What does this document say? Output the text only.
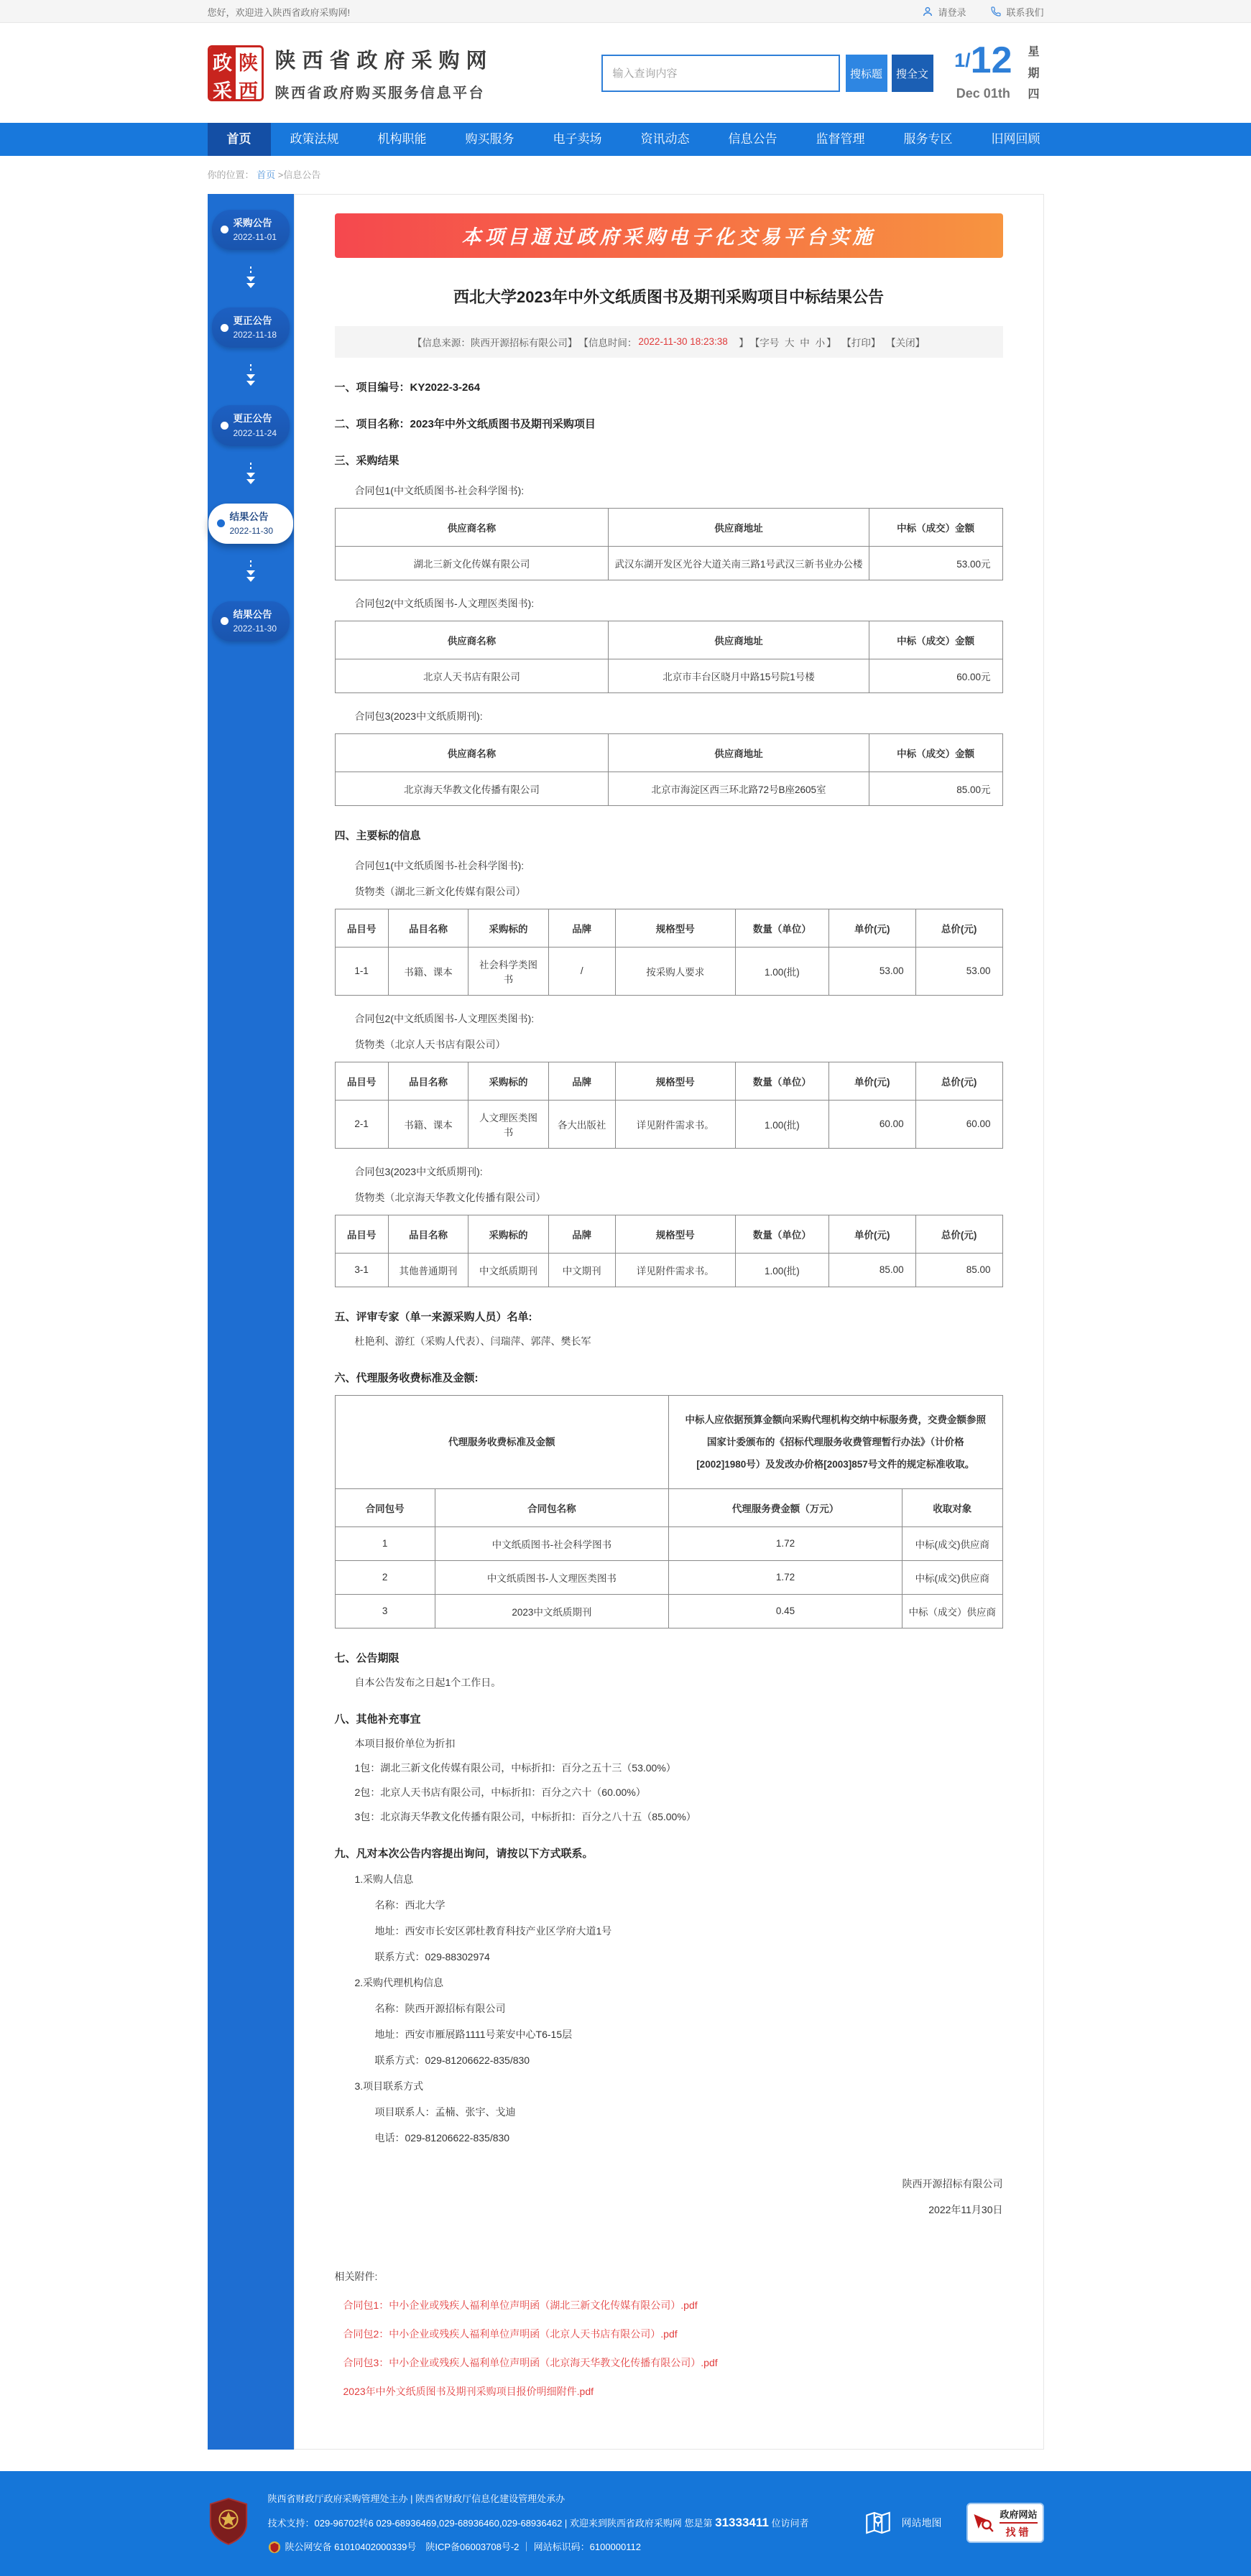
您好，欢迎进入陕西省政府采购网!	请登录	联系我们
政 陕
采 西
陕西省政府采购网
陕西省政府购买服务信息平台
输入查询内容
搜标题	搜全文
1/12
Dec 01th
星期四
首页	政策法规	机构职能	购买服务	电子卖场	资讯动态	信息公告	监督管理	服务专区	旧网回顾
你的位置： 首页 >信息公告
采购公告
2022-11-01
更正公告
2022-11-18
更正公告
2022-11-24
结果公告
2022-11-30
结果公告
2022-11-30
本项目通过政府采购电子化交易平台实施
西北大学2023年中外文纸质图书及期刊采购项目中标结果公告
【信息来源：陕西开源招标有限公司】 【信息时间： 2022-11-30 18:23:38 　】 【字号
大
中
小 】
【打印】
【关闭】
一、项目编号：KY2022-3-264
二、项目名称：2023年中外文纸质图书及期刊采购项目
三、采购结果
合同包1(中文纸质图书-社会科学图书):
供应商名称	供应商地址	中标（成交）金额
湖北三新文化传媒有限公司	武汉东湖开发区光谷大道关南三路1号武汉三新书业办公楼	53.00元
合同包2(中文纸质图书-人文理医类图书):
供应商名称	供应商地址	中标（成交）金额
北京人天书店有限公司	北京市丰台区晓月中路15号院1号楼	60.00元
合同包3(2023中文纸质期刊):
供应商名称	供应商地址	中标（成交）金额
北京海天华教文化传播有限公司	北京市海淀区西三环北路72号B座2605室	85.00元
四、主要标的信息
合同包1(中文纸质图书-社会科学图书):
货物类（湖北三新文化传媒有限公司）
品目号	品目名称	采购标的	品牌	规格型号	数量（单位）	单价(元)	总价(元)
1-1	书籍、课本	社会科学类图书	/	按采购人要求	1.00(批)	53.00	53.00
合同包2(中文纸质图书-人文理医类图书):
货物类（北京人天书店有限公司）
品目号	品目名称	采购标的	品牌	规格型号	数量（单位）	单价(元)	总价(元)
2-1	书籍、课本	人文理医类图书	各大出版社	详见附件需求书。	1.00(批)	60.00	60.00
合同包3(2023中文纸质期刊):
货物类（北京海天华教文化传播有限公司）
品目号	品目名称	采购标的	品牌	规格型号	数量（单位）	单价(元)	总价(元)
3-1	其他普通期刊	中文纸质期刊	中文期刊	详见附件需求书。	1.00(批)	85.00	85.00
五、评审专家（单一来源采购人员）名单:
杜艳利、游红（采购人代表）、闫瑞萍、郭萍、樊长军
六、代理服务收费标准及金额:
代理服务收费标准及金额		中标人应依据预算金额向采购代理机构交纳中标服务费，交费金额参照国家计委颁布的《招标代理服务收费管理暂行办法》（计价格[2002]1980号）及发改办价格[2003]857号文件的规定标准收取。	
合同包号	合同包名称	代理服务费金额（万元）	收取对象
1	中文纸质图书-社会科学图书	1.72	中标(成交)供应商
2	中文纸质图书-人文理医类图书	1.72	中标(成交)供应商
3	2023中文纸质期刊	0.45	中标（成交）供应商
七、公告期限
自本公告发布之日起1个工作日。
八、其他补充事宜
本项目报价单位为折扣
1包：湖北三新文化传媒有限公司，中标折扣：百分之五十三（53.00%）
2包：北京人天书店有限公司，中标折扣：百分之六十（60.00%）
3包：北京海天华教文化传播有限公司，中标折扣：百分之八十五（85.00%）
九、凡对本次公告内容提出询问，请按以下方式联系。
1.采购人信息
名称：西北大学
地址：西安市长安区郭杜教育科技产业区学府大道1号
联系方式：029-88302974
2.采购代理机构信息
名称：陕西开源招标有限公司
地址：西安市雁展路1111号莱安中心T6-15层
联系方式：029-81206622-835/830
3.项目联系方式
项目联系人：孟楠、张宇、戈迪
电话：029-81206622-835/830
陕西开源招标有限公司
2022年11月30日
相关附件:
合同包1：中小企业或残疾人福利单位声明函（湖北三新文化传媒有限公司）.pdf
合同包2：中小企业或残疾人福利单位声明函（北京人天书店有限公司）.pdf
合同包3：中小企业或残疾人福利单位声明函（北京海天华教文化传播有限公司）.pdf
2023年中外文纸质图书及期刊采购项目报价明细附件.pdf
陕西省财政厅政府采购管理处主办 | 陕西省财政厅信息化建设管理处承办
技术支持：029-96702转6 029-68936469,029-68936460,029-68936462 | 欢迎来到陕西省政府采购网 您是第 31333411 位访问者
陕公网安备 61010402000339号　陕ICP备06003708号-2 ｜ 网站标识码：6100000112
网站地图
政府网站
找错
